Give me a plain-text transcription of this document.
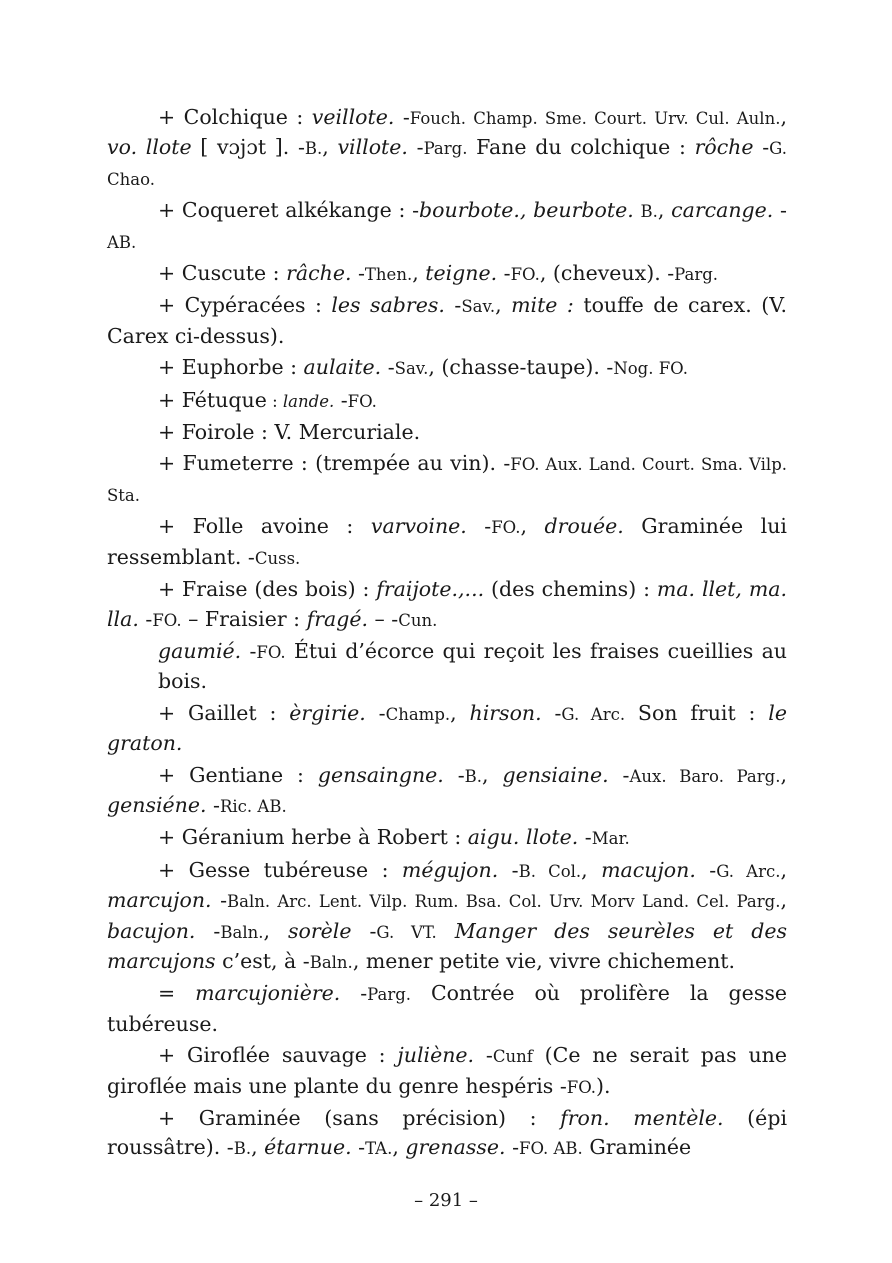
+ Colchique : veillote. -Fouch. Champ. Sme. Court. Urv. Cul. Auln., vo. llote [ vɔjɔt ]. -B., villote. -Parg. Fane du colchique : rôche -G. Chao.

+ Coqueret alkékange : -bourbote., beurbote. B., carcange. -AB.

+ Cuscute : râche. -Then., teigne. -FO., (cheveux). -Parg.

+ Cypéracées : les sabres. -Sav., mite : touffe de carex. (V. Carex ci-dessus).

+ Euphorbe : aulaite. -Sav., (chasse-taupe). -Nog. FO.

+ Fétuque : lande. -FO.

+ Foirole : V. Mercuriale.

+ Fumeterre : (trempée au vin). -FO. Aux. Land. Court. Sma. Vilp. Sta.

+ Folle avoine : varvoine. -FO., drouée. Graminée lui ressemblant. -Cuss.

+ Fraise (des bois) : fraijote.,... (des chemins) : ma. llet, ma. lla. -FO. – Fraisier : fragé. – -Cun.

gaumié. -FO. Étui d’écorce qui reçoit les fraises cueillies au bois.

+ Gaillet : èrgirie. -Champ., hirson. -G. Arc. Son fruit : le graton.

+ Gentiane : gensaingne. -B., gensiaine. -Aux. Baro. Parg., gensiéne. -Ric. AB.

+ Géranium herbe à Robert : aigu. llote. -Mar.

+ Gesse tubéreuse : mégujon. -B. Col., macujon. -G. Arc., marcujon. -Baln. Arc. Lent. Vilp. Rum. Bsa. Col. Urv. Morv Land. Cel. Parg., bacujon. -Baln., sorèle -G. VT. Manger des seurèles et des marcujons c’est, à -Baln., mener petite vie, vivre chichement.

= marcujonière. -Parg. Contrée où prolifère la gesse tubéreuse.

+ Giroflée sauvage : juliène. -Cunf (Ce ne serait pas une giroflée mais une plante du genre hespéris -FO.).

+ Graminée (sans précision) : fron. mentèle. (épi roussâtre). -B., étarnue. -TA., grenasse. -FO. AB. Graminée

– 291 –
